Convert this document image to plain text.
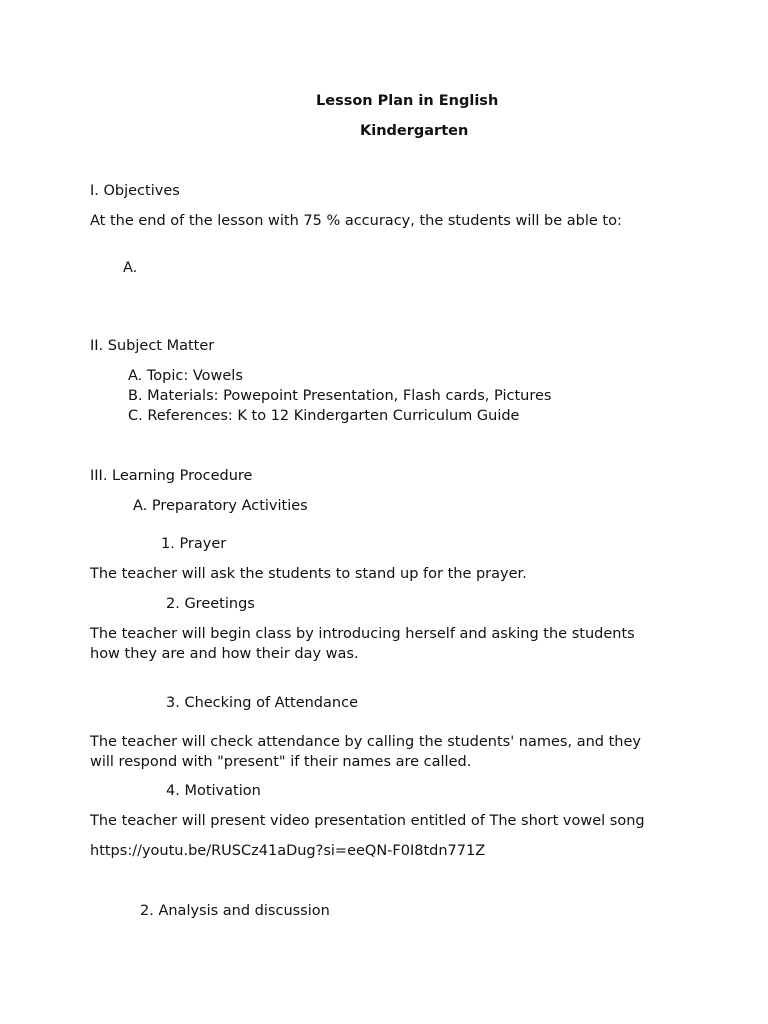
Lesson Plan in English
Kindergarten
I. Objectives
At the end of the lesson with 75 % accuracy, the students will be able to:
A.
II. Subject Matter
A. Topic: Vowels
B. Materials: Powepoint Presentation, Flash cards, Pictures
C. References: K to 12 Kindergarten Curriculum Guide
III. Learning Procedure
A. Preparatory Activities
1. Prayer
The teacher will ask the students to stand up for the prayer.
2. Greetings
The teacher will begin class by introducing herself and asking the students
how they are and how their day was.
3. Checking of Attendance
The teacher will check attendance by calling the students' names, and they
will respond with "present" if their names are called.
4. Motivation
The teacher will present video presentation entitled of The short vowel song
https://youtu.be/RUSCz41aDug?si=eeQN-F0I8tdn771Z
2. Analysis and discussion
